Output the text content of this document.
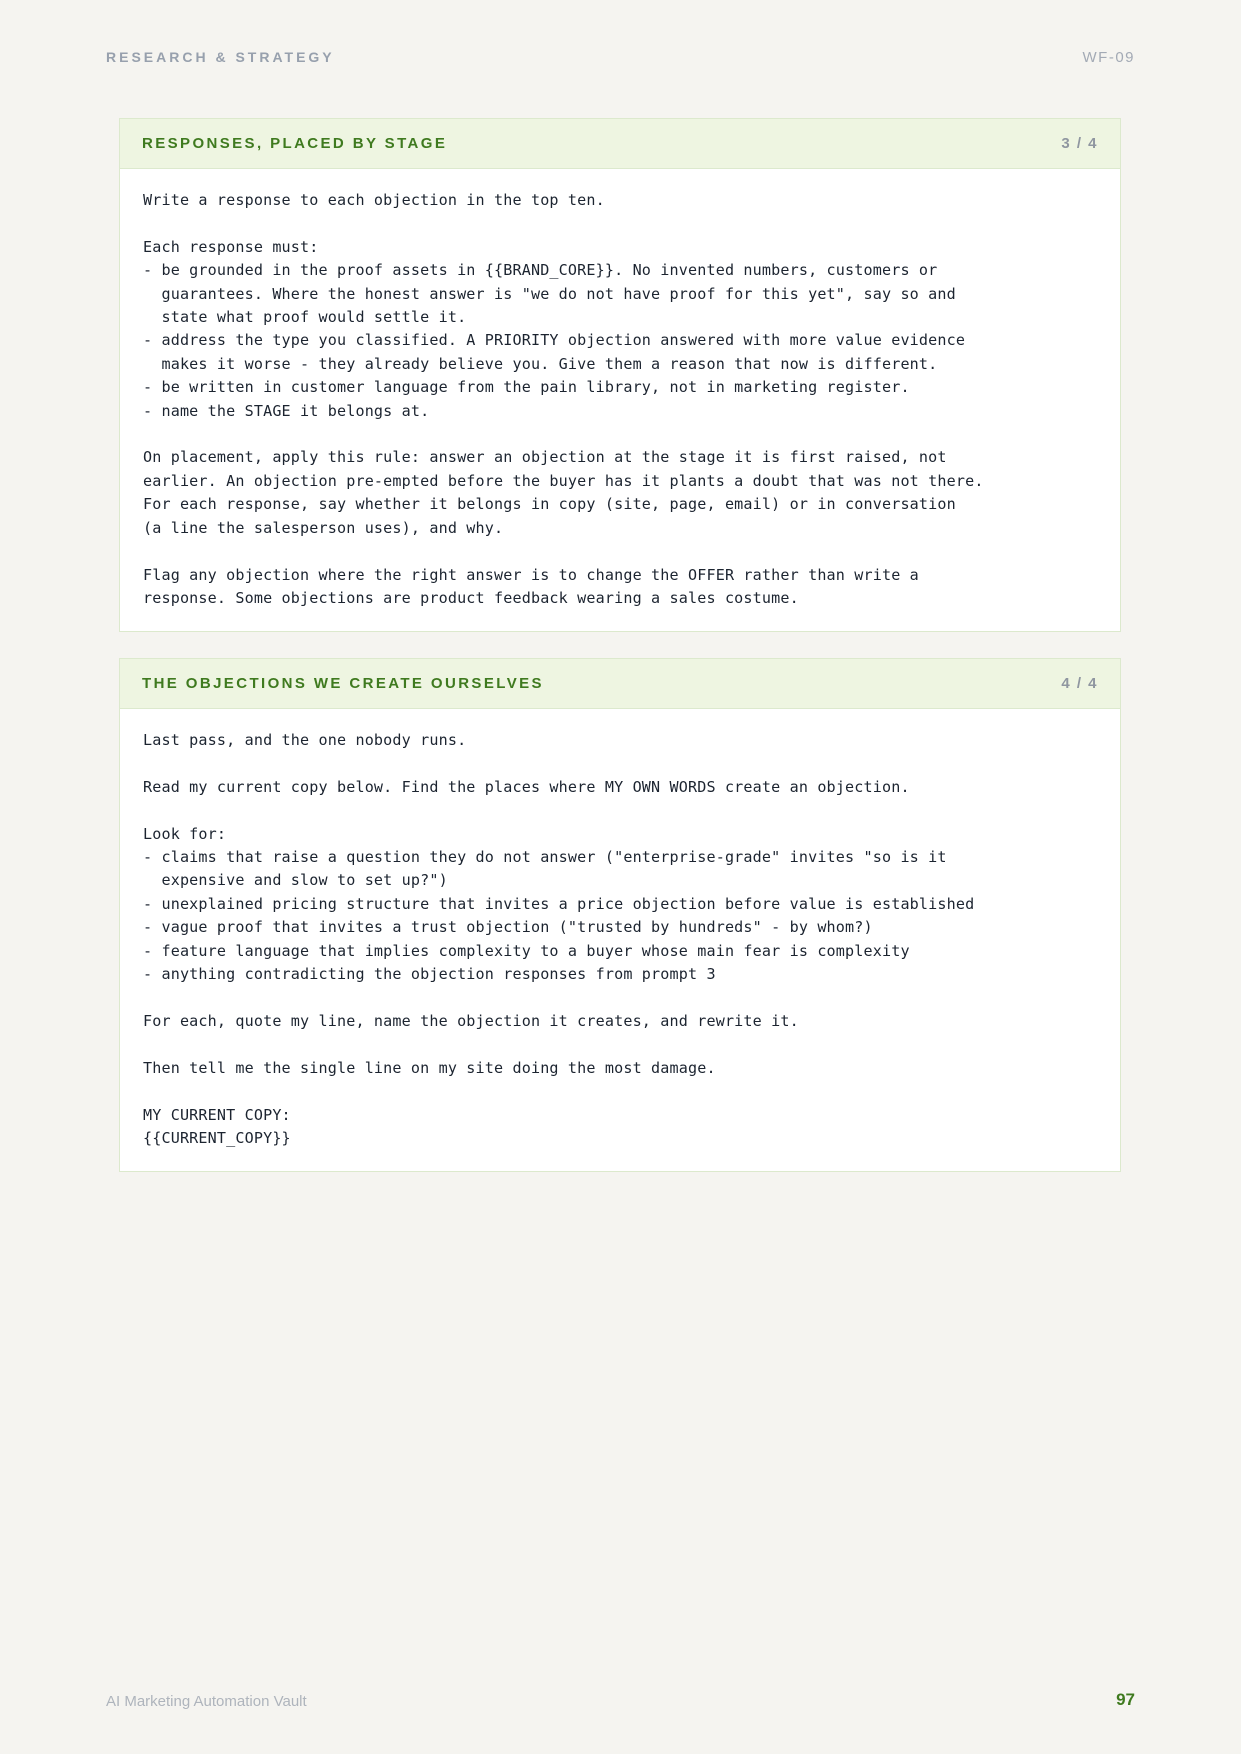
RESEARCH & STRATEGY	WF-09
RESPONSES, PLACED BY STAGE	3 / 4
Write a response to each objection in the top ten.

Each response must:
- be grounded in the proof assets in {{BRAND_CORE}}. No invented numbers, customers or
guarantees. Where the honest answer is "we do not have proof for this yet", say so and
state what proof would settle it.
- address the type you classified. A PRIORITY objection answered with more value evidence
makes it worse - they already believe you. Give them a reason that now is different.
- be written in customer language from the pain library, not in marketing register.
- name the STAGE it belongs at.

On placement, apply this rule: answer an objection at the stage it is first raised, not
earlier. An objection pre-empted before the buyer has it plants a doubt that was not there.
For each response, say whether it belongs in copy (site, page, email) or in conversation
(a line the salesperson uses), and why.

Flag any objection where the right answer is to change the OFFER rather than write a
response. Some objections are product feedback wearing a sales costume.
THE OBJECTIONS WE CREATE OURSELVES	4 / 4
Last pass, and the one nobody runs.

Read my current copy below. Find the places where MY OWN WORDS create an objection.

Look for:
- claims that raise a question they do not answer ("enterprise-grade" invites "so is it
expensive and slow to set up?")
- unexplained pricing structure that invites a price objection before value is established
- vague proof that invites a trust objection ("trusted by hundreds" - by whom?)
- feature language that implies complexity to a buyer whose main fear is complexity
- anything contradicting the objection responses from prompt 3

For each, quote my line, name the objection it creates, and rewrite it.

Then tell me the single line on my site doing the most damage.

MY CURRENT COPY:
{{CURRENT_COPY}}
AI Marketing Automation Vault	97
